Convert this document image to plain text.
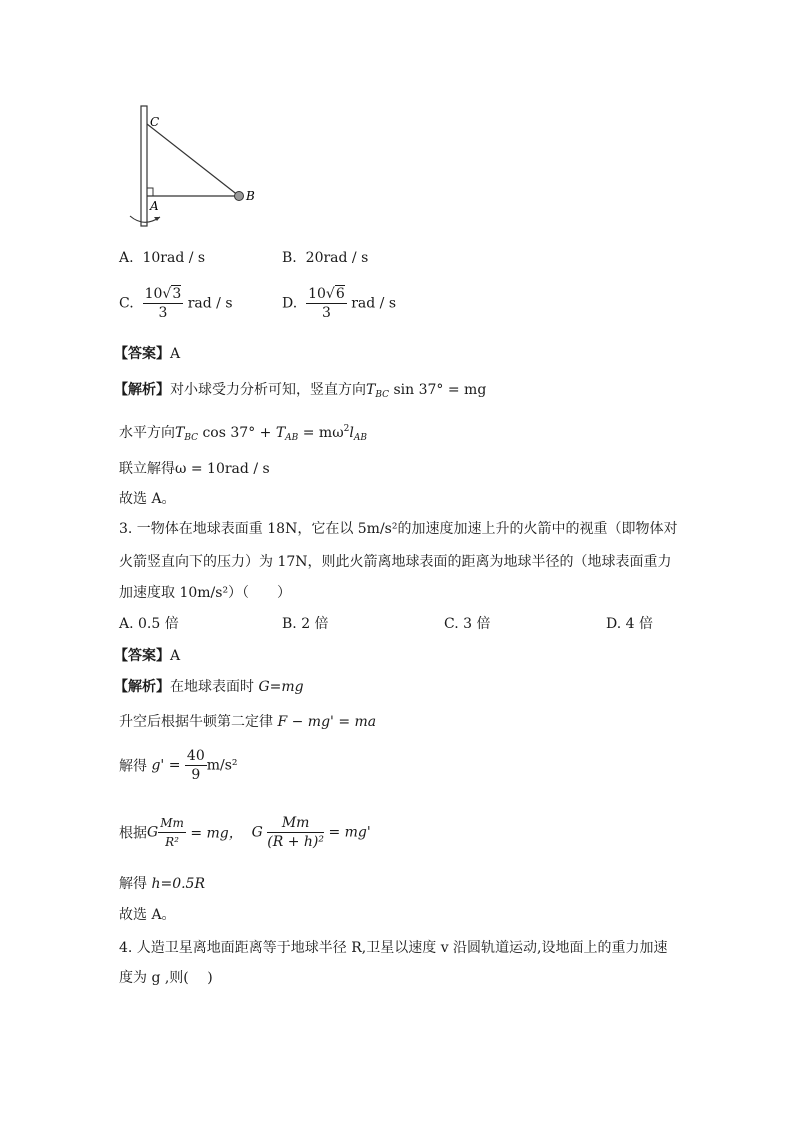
C
A
B
A. 10rad / s	B. 20rad / s
C. $\frac{10√3}{3}$ rad / s	D. $\frac{10√6}{3}$ rad / s
【答案】A
【解析】对小球受力分析可知，竖直方向$T_{BC}$ sin 37° = mg
水平方向$T_{BC}$ $\cos 37^\circ + T_{AB} = m\omega^2l_{AB}$
联立解得ω = 10rad / s
故选 A。
3. 一物体在地球表面重 18N，它在以 5m/s²的加速度加速上升的火箭中的视重（即物体对
火箭竖直向下的压力）为 17N，则此火箭离地球表面的距离为地球半径的（地球表面重力
加速度取 10m/s²）（　　）
A. 0.5 倍	B. 2 倍	C. 3 倍	D. 4 倍
【答案】A
【解析】在地球表面时 G=mg
升空后根据牛顿第二定律 F − mg' = ma
解得 $g' = \frac{40}{9} m/s^2$
根据G $\frac{Mm}{\text{R²}}$ = mg， G $\frac{Mm}{\text{(R + h)²}} = mg'$
解得 h=0.5R
故选 A。
4. 人造卫星离地面距离等于地球半径 R,卫星以速度 v 沿圆轨道运动,设地面上的重力加速
度为 g ,则(　 )
